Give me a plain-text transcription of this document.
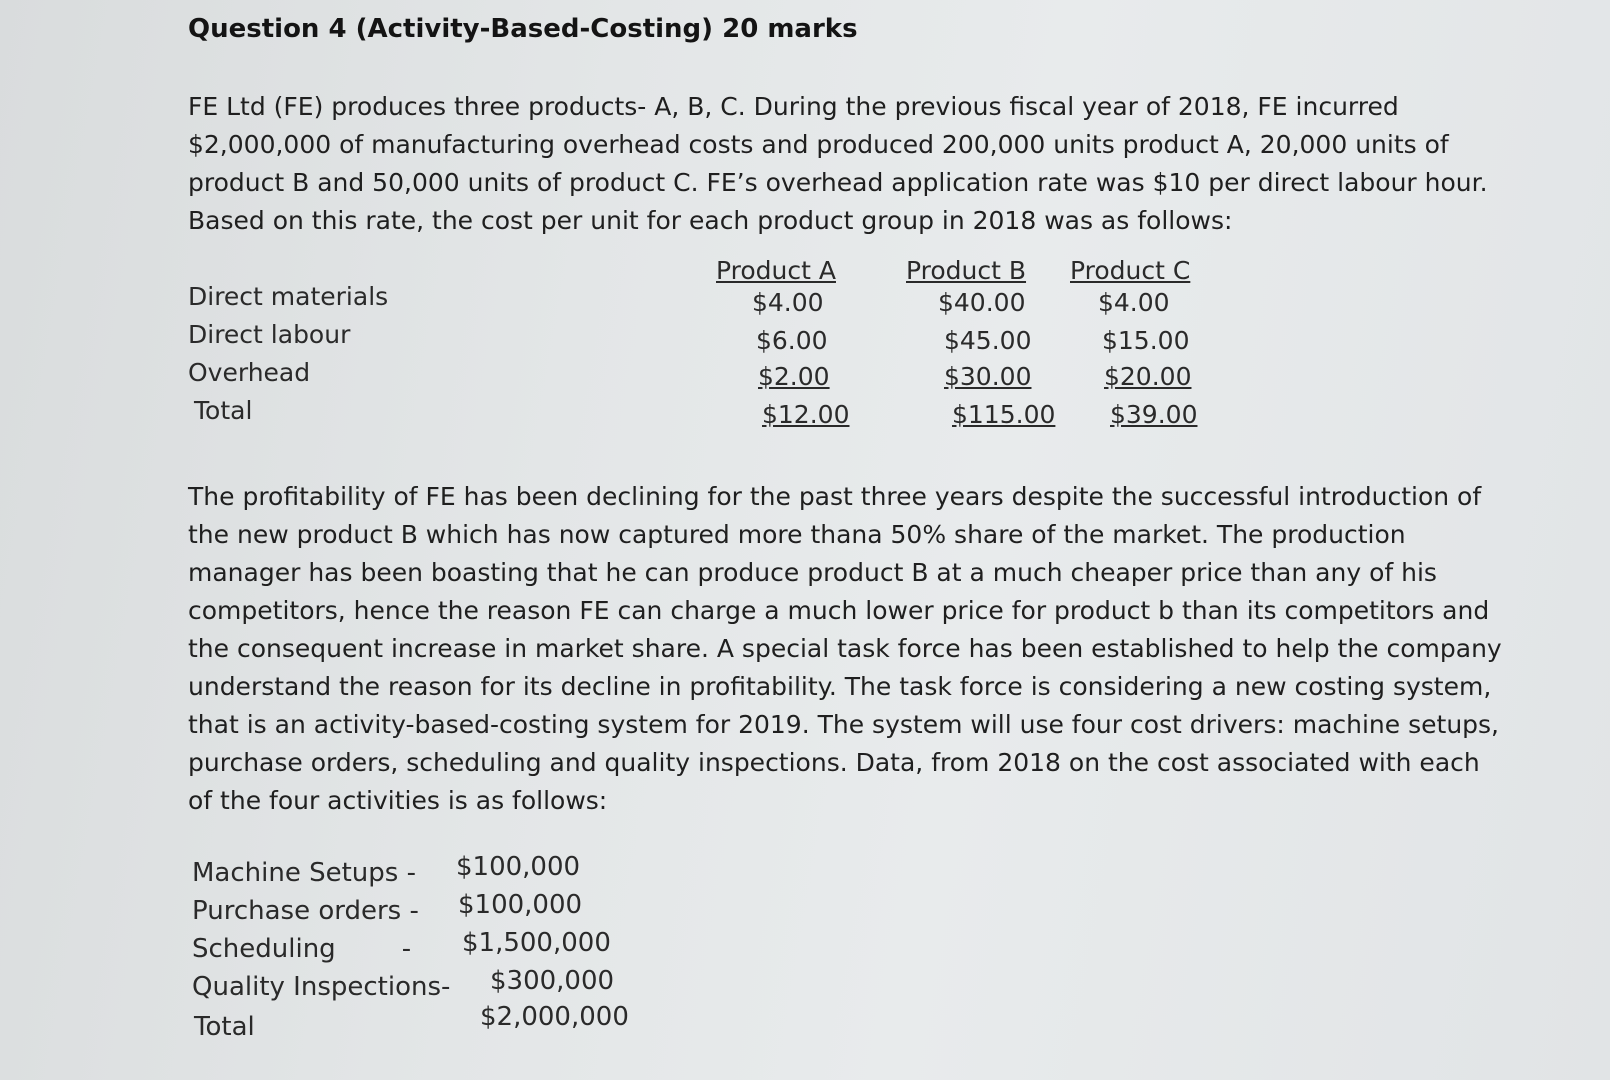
Question 4 (Activity-Based-Costing) 20 marks
FE Ltd (FE) produces three products- A, B, C. During the previous fiscal year of 2018, FE incurred
$2,000,000 of manufacturing overhead costs and produced 200,000 units product A, 20,000 units of
product B and 50,000 units of product C. FE’s overhead application rate was $10 per direct labour hour.
Based on this rate, the cost per unit for each product group in 2018 was as follows:
Product A	Product B Product C
Direct materials	$4.00	$40.00	$4.00
Direct labour	$6.00	$45.00	$15.00
Overhead	$2.00	$30.00	$20.00
Total	$12.00	$115.00 $39.00
The profitability of FE has been declining for the past three years despite the successful introduction of
the new product B which has now captured more thana 50% share of the market. The production
manager has been boasting that he can produce product B at a much cheaper price than any of his
competitors, hence the reason FE can charge a much lower price for product b than its competitors and
the consequent increase in market share. A special task force has been established to help the company
understand the reason for its decline in profitability. The task force is considering a new costing system,
that is an activity-based-costing system for 2019. The system will use four cost drivers: machine setups,
purchase orders, scheduling and quality inspections. Data, from 2018 on the cost associated with each
of the four activities is as follows:
Machine Setups - $100,000
Purchase orders - $100,000
Scheduling        - $1,500,000
Quality Inspections- $300,000
Total	$2,000,000
